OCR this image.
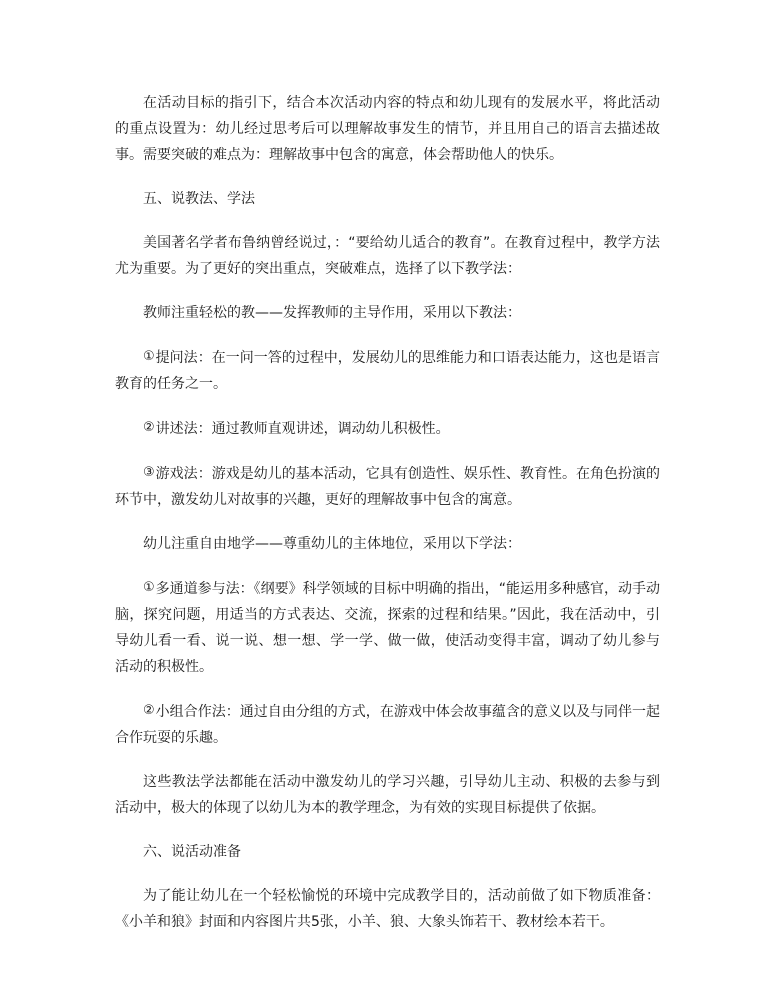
在活动目标的指引下，结合本次活动内容的特点和幼儿现有的发展水平，将此活动的重点设置为：幼儿经过思考后可以理解故事发生的情节，并且用自己的语言去描述故事。需要突破的难点为：理解故事中包含的寓意，体会帮助他人的快乐。

五、说教法、学法

美国著名学者布鲁纳曾经说过，：“要给幼儿适合的教育”。在教育过程中，教学方法尤为重要。为了更好的突出重点，突破难点，选择了以下教学法：

教师注重轻松的教——发挥教师的主导作用，采用以下教法：

①提问法：在一问一答的过程中，发展幼儿的思维能力和口语表达能力，这也是语言教育的任务之一。

②讲述法：通过教师直观讲述，调动幼儿积极性。

③游戏法：游戏是幼儿的基本活动，它具有创造性、娱乐性、教育性。在角色扮演的环节中，激发幼儿对故事的兴趣，更好的理解故事中包含的寓意。

幼儿注重自由地学——尊重幼儿的主体地位，采用以下学法：

①多通道参与法：《纲要》科学领域的目标中明确的指出，“能运用多种感官，动手动脑，探究问题，用适当的方式表达、交流，探索的过程和结果。”因此，我在活动中，引导幼儿看一看、说一说、想一想、学一学、做一做，使活动变得丰富，调动了幼儿参与活动的积极性。

②小组合作法：通过自由分组的方式，在游戏中体会故事蕴含的意义以及与同伴一起合作玩耍的乐趣。

这些教法学法都能在活动中激发幼儿的学习兴趣，引导幼儿主动、积极的去参与到活动中，极大的体现了以幼儿为本的教学理念，为有效的实现目标提供了依据。

六、说活动准备

为了能让幼儿在一个轻松愉悦的环境中完成教学目的，活动前做了如下物质准备：《小羊和狼》封面和内容图片共5张，小羊、狼、大象头饰若干、教材绘本若干。
